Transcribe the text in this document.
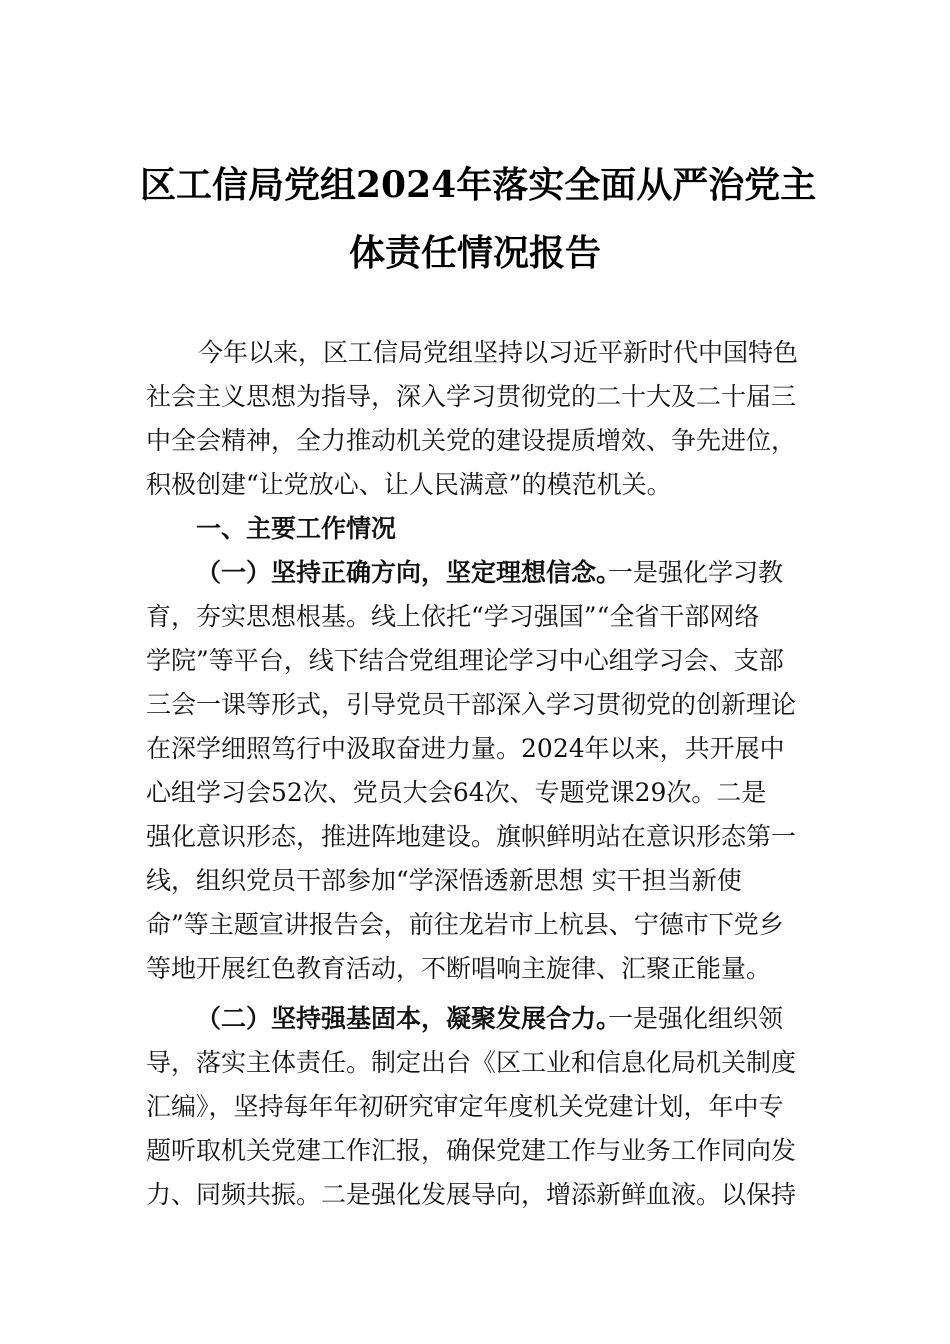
区工信局党组2024年落实全面从严治党主
体责任情况报告
今年以来，区工信局党组坚持以习近平新时代中国特色
社会主义思想为指导，深入学习贯彻党的二十大及二十届三
中全会精神，全力推动机关党的建设提质增效、争先进位，
积极创建“让党放心、让人民满意”的模范机关。
一、主要工作情况
（一）坚持正确方向，坚定理想信念。
一是强化学习教
育，夯实思想根基。线上依托“学习强国”“全省干部网络
学院”等平台，线下结合党组理论学习中心组学习会、支部
三会一课等形式，引导党员干部深入学习贯彻党的创新理论
在深学细照笃行中汲取奋进力量。2024年以来，共开展中
心组学习会52次、党员大会64次、专题党课29次。二是
强化意识形态，推进阵地建设。旗帜鲜明站在意识形态第一
线，组织党员干部参加“学深悟透新思想 实干担当新使
命”等主题宣讲报告会，前往龙岩市上杭县、宁德市下党乡
等地开展红色教育活动，不断唱响主旋律、汇聚正能量。
（二）坚持强基固本，凝聚发展合力。
一是强化组织领
导，落实主体责任。制定出台《区工业和信息化局机关制度
汇编》，坚持每年年初研究审定年度机关党建计划，年中专
题听取机关党建工作汇报，确保党建工作与业务工作同向发
力、同频共振。二是强化发展导向，增添新鲜血液。以保持
